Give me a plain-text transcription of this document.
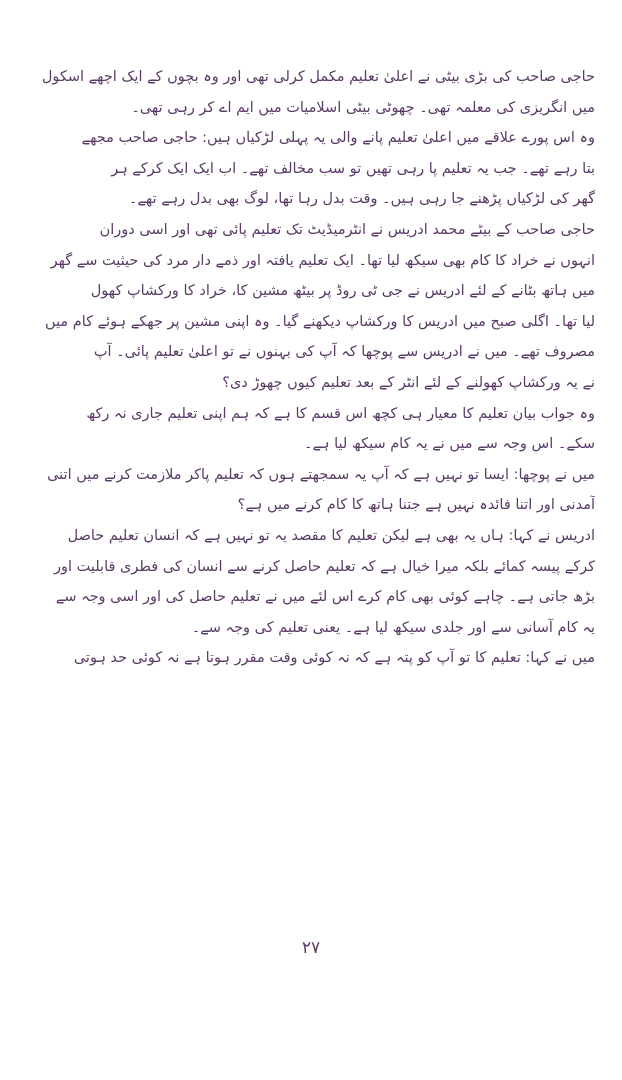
حاجی صاحب کی بڑی بیٹی نے اعلیٰ تعلیم مکمل کرلی تھی اور وہ بچوں کے ایک اچھے اسکول
میں انگریزی کی معلمہ تھی۔ چھوٹی بیٹی اسلامیات میں ایم اے کر رہی تھی۔
وہ اس پورے علاقے میں اعلیٰ تعلیم پانے والی یہ پہلی لڑکیاں ہیں: حاجی صاحب مجھے
بتا رہے تھے۔ جب یہ تعلیم پا رہی تھیں تو سب مخالف تھے۔ اب ایک ایک کرکے ہر
گھر کی لڑکیاں پڑھنے جا رہی ہیں۔ وقت بدل رہا تھا، لوگ بھی بدل رہے تھے۔
حاجی صاحب کے بیٹے محمد ادریس نے انٹرمیڈیٹ تک تعلیم پائی تھی اور اسی دوران
انہوں نے خراد کا کام بھی سیکھ لیا تھا۔ ایک تعلیم یافتہ اور ذمے دار مرد کی حیثیت سے گھر
میں ہاتھ بٹانے کے لئے ادریس نے جی ٹی روڈ پر بیٹھ مشین کا، خراد کا ورکشاپ کھول
لیا تھا۔ اگلی صبح میں ادریس کا ورکشاپ دیکھنے گیا۔ وہ اپنی مشین پر جھکے ہوئے کام میں
مصروف تھے۔ میں نے ادریس سے پوچھا کہ آپ کی بہنوں نے تو اعلیٰ تعلیم پائی۔ آپ
نے یہ ورکشاپ کھولنے کے لئے انٹر کے بعد تعلیم کیوں چھوڑ دی؟
وہ جواب بیان تعلیم کا معیار ہی کچھ اس قسم کا ہے کہ ہم اپنی تعلیم جاری نہ رکھ
سکے۔ اس وجہ سے میں نے یہ کام سیکھ لیا ہے۔
میں نے پوچھا: ایسا تو نہیں ہے کہ آپ یہ سمجھتے ہوں کہ تعلیم پاکر ملازمت کرنے میں اتنی
آمدنی اور اتنا فائدہ نہیں ہے جتنا ہاتھ کا کام کرنے میں ہے؟
ادریس نے کہا: ہاں یہ بھی ہے لیکن تعلیم کا مقصد یہ تو نہیں ہے کہ انسان تعلیم حاصل
کرکے پیسہ کمائے بلکہ میرا خیال ہے کہ تعلیم حاصل کرنے سے انسان کی فطری قابلیت اور
بڑھ جاتی ہے۔ چاہے کوئی بھی کام کرے اس لئے میں نے تعلیم حاصل کی اور اسی وجہ سے
یہ کام آسانی سے اور جلدی سیکھ لیا ہے۔ یعنی تعلیم کی وجہ سے۔
میں نے کہا: تعلیم کا تو آپ کو پتہ ہے کہ نہ کوئی وقت مقرر ہوتا ہے نہ کوئی حد ہوتی
۲۷
